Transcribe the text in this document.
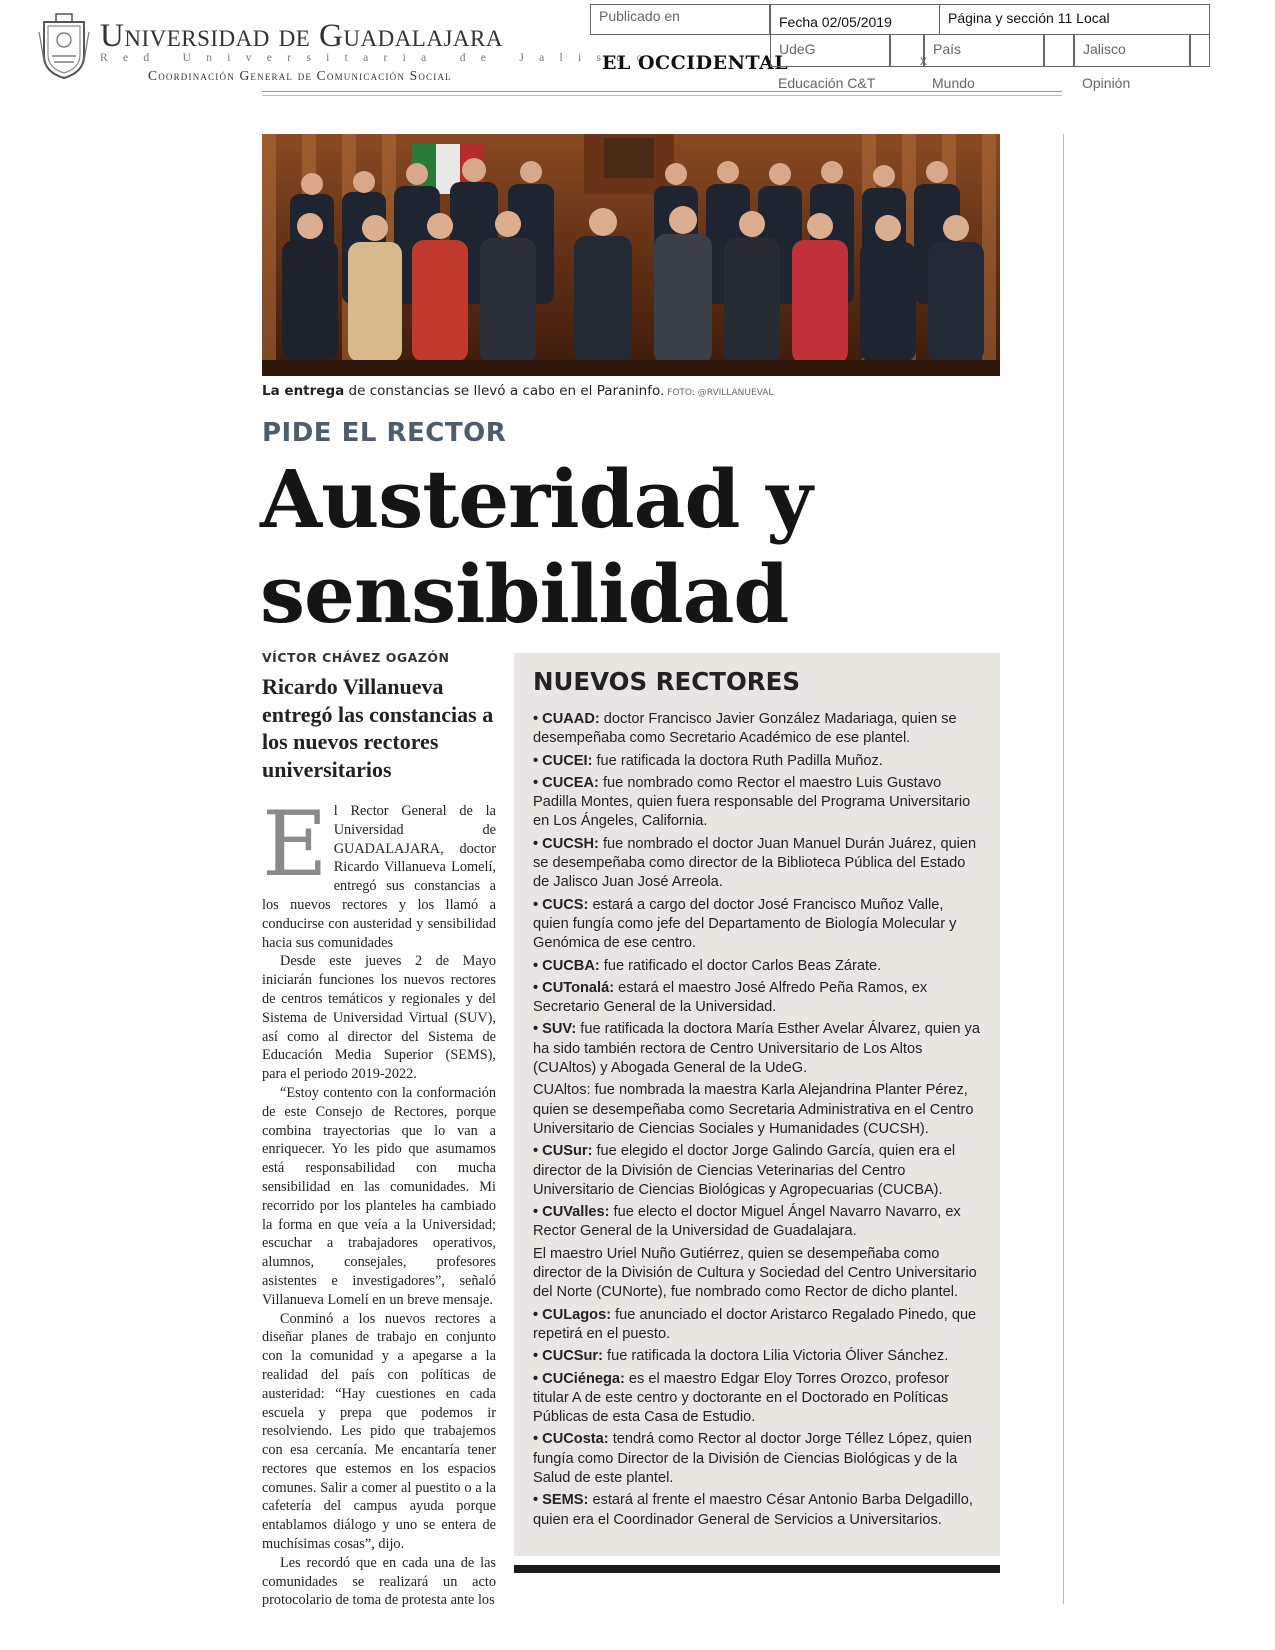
Universidad de Guadalajara
Red Universitaria de Jalisco
Coordinación General de Comunicación Social
Publicado en	Fecha 02/05/2019	Página y sección 11 Local
EL OCCIDENTAL
UdeG	País	Jalisco
x
Educación C&T	Mundo	Opinión
La entrega de constancias se llevó a cabo en el Paraninfo. FOTO: @RVILLANUEVAL
PIDE EL RECTOR
Austeridad y sensibilidad
VÍCTOR CHÁVEZ OGAZÓN
Ricardo Villanueva entregó las constancias a los nuevos rectores universitarios

El Rector General de la Universidad de GUADALAJARA, doctor Ricardo Villanueva Lomelí, entregó sus constancias a los nuevos rectores y los llamó a conducirse con austeridad y sensibilidad hacia sus comunidades

Desde este jueves 2 de Mayo iniciarán funciones los nuevos rectores de centros temáticos y regionales y del Sistema de Universidad Virtual (SUV), así como al director del Sistema de Educación Media Superior (SEMS), para el periodo 2019-2022.

“Estoy contento con la conformación de este Consejo de Rectores, porque combina trayectorias que lo van a enriquecer. Yo les pido que asumamos está responsabilidad con mucha sensibilidad en las comunidades. Mi recorrido por los planteles ha cambiado la forma en que veía a la Universidad; escuchar a trabajadores operativos, alumnos, consejales, profesores asistentes e investigadores”, señaló Villanueva Lomelí en un breve mensaje.

Conminó a los nuevos rectores a diseñar planes de trabajo en conjunto con la comunidad y a apegarse a la realidad del país con políticas de austeridad: “Hay cuestiones en cada escuela y prepa que podemos ir resolviendo. Les pido que trabajemos con esa cercanía. Me encantaría tener rectores que estemos en los espacios comunes. Salir a comer al puestito o a la cafetería del campus ayuda porque entablamos diálogo y uno se entera de muchísimas cosas”, dijo.

Les recordó que en cada una de las comunidades se realizará un acto protocolario de toma de protesta ante los

NUEVOS RECTORES

• CUAAD: doctor Francisco Javier González Madariaga, quien se desempeñaba como Secretario Académico de ese plantel.

• CUCEI: fue ratificada la doctora Ruth Padilla Muñoz.

• CUCEA: fue nombrado como Rector el maestro Luis Gustavo Padilla Montes, quien fuera responsable del Programa Universitario en Los Ángeles, California.

• CUCSH: fue nombrado el doctor Juan Manuel Durán Juárez, quien se desempeñaba como director de la Biblioteca Pública del Estado de Jalisco Juan José Arreola.

• CUCS: estará a cargo del doctor José Francisco Muñoz Valle, quien fungía como jefe del Departamento de Biología Molecular y Genómica de ese centro.

• CUCBA: fue ratificado el doctor Carlos Beas Zárate.

• CUTonalá: estará el maestro José Alfredo Peña Ramos, ex Secretario General de la Universidad.

• SUV: fue ratificada la doctora María Esther Avelar Álvarez, quien ya ha sido también rectora de Centro Universitario de Los Altos (CUAltos) y Abogada General de la UdeG.

CUAltos: fue nombrada la maestra Karla Alejandrina Planter Pérez, quien se desempeñaba como Secretaria Administrativa en el Centro Universitario de Ciencias Sociales y Humanidades (CUCSH).

• CUSur: fue elegido el doctor Jorge Galindo García, quien era el director de la División de Ciencias Veterinarias del Centro Universitario de Ciencias Biológicas y Agropecuarias (CUCBA).

• CUValles: fue electo el doctor Miguel Ángel Navarro Navarro, ex Rector General de la Universidad de Guadalajara.

El maestro Uriel Nuño Gutiérrez, quien se desempeñaba como director de la División de Cultura y Sociedad del Centro Universitario del Norte (CUNorte), fue nombrado como Rector de dicho plantel.

• CULagos: fue anunciado el doctor Aristarco Regalado Pinedo, que repetirá en el puesto.

• CUCSur: fue ratificada la doctora Lilia Victoria Óliver Sánchez.

• CUCiénega: es el maestro Edgar Eloy Torres Orozco, profesor titular A de este centro y doctorante en el Doctorado en Políticas Públicas de esta Casa de Estudio.

• CUCosta: tendrá como Rector al doctor Jorge Téllez López, quien fungía como Director de la División de Ciencias Biológicas y de la Salud de este plantel.

• SEMS: estará al frente el maestro César Antonio Barba Delgadillo, quien era el Coordinador General de Servicios a Universitarios.
